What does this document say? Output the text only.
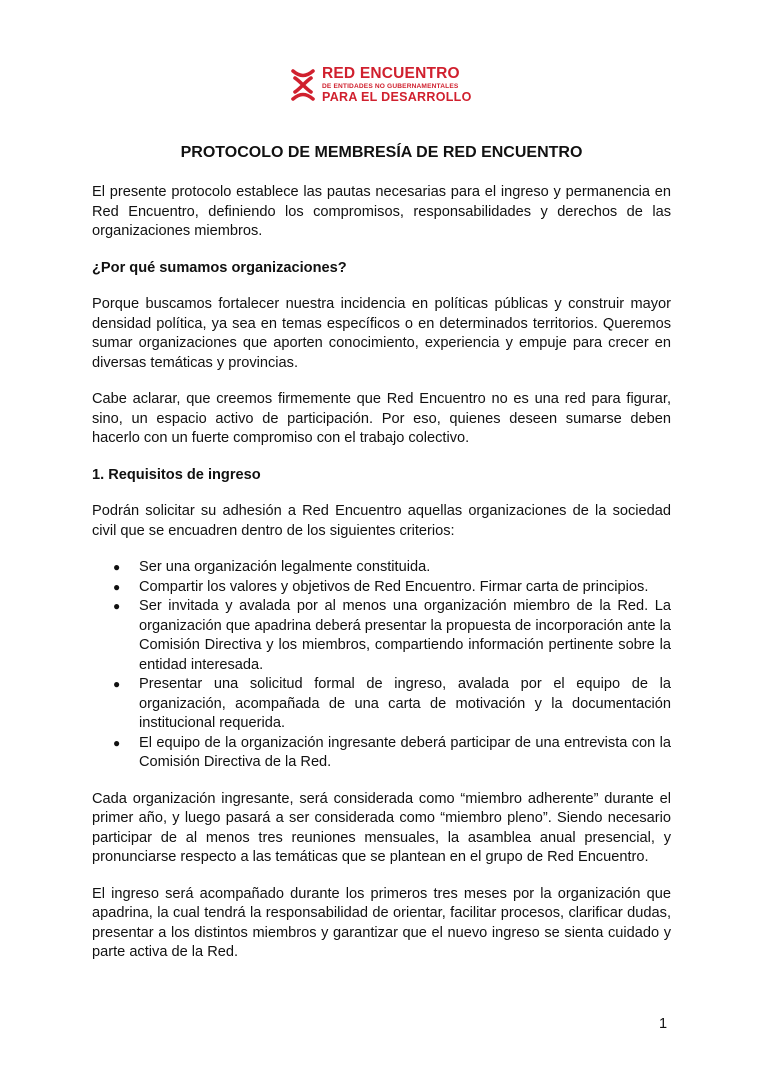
RED ENCUENTRO
DE ENTIDADES NO GUBERNAMENTALES
PARA EL DESARROLLO
PROTOCOLO DE MEMBRESÍA DE RED ENCUENTRO

El presente protocolo establece las pautas necesarias para el ingreso y permanencia en Red Encuentro, definiendo los compromisos, responsabilidades y derechos de las organizaciones miembros.

¿Por qué sumamos organizaciones?

Porque buscamos fortalecer nuestra incidencia en políticas públicas y construir mayor densidad política, ya sea en temas específicos o en determinados territorios. Queremos sumar organizaciones que aporten conocimiento, experiencia y empuje para crecer en diversas temáticas y provincias.

Cabe aclarar, que creemos firmemente que Red Encuentro no es una red para figurar, sino, un espacio activo de participación. Por eso, quienes deseen sumarse deben hacerlo con un fuerte compromiso con el trabajo colectivo.

1. Requisitos de ingreso

Podrán solicitar su adhesión a Red Encuentro aquellas organizaciones de la sociedad civil que se encuadren dentro de los siguientes criterios:

● Ser una organización legalmente constituida.
● Compartir los valores y objetivos de Red Encuentro. Firmar carta de principios.
● Ser invitada y avalada por al menos una organización miembro de la Red. La organización que apadrina deberá presentar la propuesta de incorporación ante la Comisión Directiva y los miembros, compartiendo información pertinente sobre la entidad interesada.
● Presentar una solicitud formal de ingreso, avalada por el equipo de la organización, acompañada de una carta de motivación y la documentación institucional requerida.
● El equipo de la organización ingresante deberá participar de una entrevista con la Comisión Directiva de la Red.

Cada organización ingresante, será considerada como “miembro adherente” durante el primer año, y luego pasará a ser considerada como “miembro pleno”. Siendo necesario participar de al menos tres reuniones mensuales, la asamblea anual presencial, y pronunciarse respecto a las temáticas que se plantean en el grupo de Red Encuentro.

El ingreso será acompañado durante los primeros tres meses por la organización que apadrina, la cual tendrá la responsabilidad de orientar, facilitar procesos, clarificar dudas, presentar a los distintos miembros y garantizar que el nuevo ingreso se sienta cuidado y parte activa de la Red.

1
